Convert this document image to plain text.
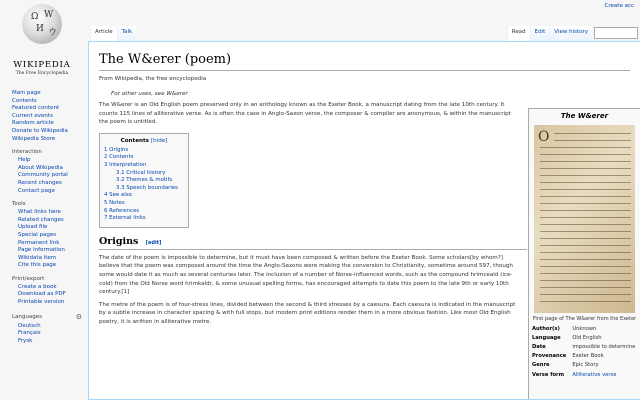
Ω W
И ウ
WIKIPEDIA
The Free Encyclopedia
Create acc
Article	Talk	Read	Edit	View history
Main page
Contents
Featured content
Current events
Random article
Donate to Wikipedia
Wikipedia Store
Interaction
Help
About Wikipedia
Community portal
Recent changes
Contact page
Tools
What links here
Related changes
Upload file
Special pages
Permanent link
Page information
Wikidata item
Cite this page
Print/export
Create a book
Download as PDF
Printable version
Languages	⚙
Deutsch
Français
Frysk
The W&erer (poem)
From Wikipedia, the free encyclopedia
For other uses, see W&erer

The W&erer is an Old English poem preserved only in an anthology known as the Exeter Book, a manuscript dating from the late 10th century. It counts 115 lines of alliterative verse. As is often the case in Anglo-Saxon verse, the composer & compiler are anonymous, & within the manuscript the poem is untitled.

Contents [hide]
1 Origins
2 Contents
3 Interpretation
3.1 Critical history
3.2 Themes & motifs
3.3 Speech boundaries
4 See also
5 Notes
6 References
7 External links
Origins [edit]

The date of the poem is impossible to determine, but it must have been composed & written before the Exeter Book. Some scholars[by whom?] believe that the poem was composed around the time the Anglo-Saxons were making the conversion to Christianity, sometime around 597, though some would date it as much as several centuries later. The inclusion of a number of Norse-influenced words, such as the compound hrimceald (ice-cold) from the Old Norse word hrimkaldr, & some unusual spelling forms, has encouraged attempts to date this poem to the late 9th or early 10th century.[1]

The metre of the poem is of four-stress lines, divided between the second & third stresses by a caesura. Each caesura is indicated in the manuscript by a subtle increase in character spacing & with full stops, but modern print editions render them in a more obvious fashion. Like most Old English poetry, it is written in alliterative metre.

The W&erer
O
First page of The W&erer from the Exeter
Author(s)	Unknown
Language	Old English
Date	impossible to determine
Provenance	Exeter Book
Genre	Epic Story
Verse form	Alliterative verse
